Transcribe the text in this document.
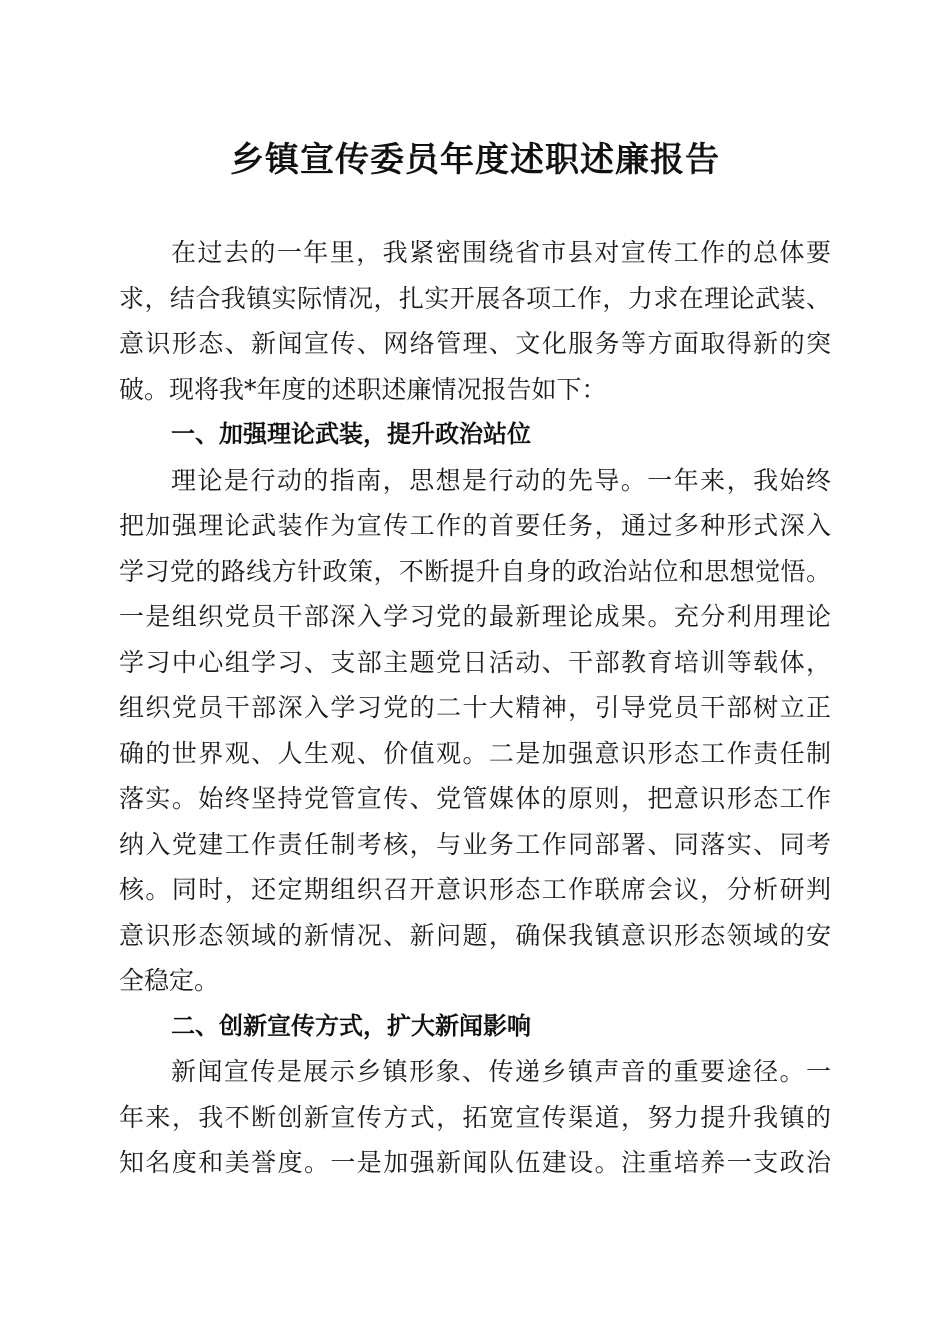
乡镇宣传委员年度述职述廉报告
在过去的一年里，我紧密围绕省市县对宣传工作的总体要
求，结合我镇实际情况，扎实开展各项工作，力求在理论武装、
意识形态、新闻宣传、网络管理、文化服务等方面取得新的突
破。现将我*年度的述职述廉情况报告如下：
一、加强理论武装，提升政治站位
理论是行动的指南，思想是行动的先导。一年来，我始终
把加强理论武装作为宣传工作的首要任务，通过多种形式深入
学习党的路线方针政策，不断提升自身的政治站位和思想觉悟。
一是组织党员干部深入学习党的最新理论成果。充分利用理论
学习中心组学习、支部主题党日活动、干部教育培训等载体，
组织党员干部深入学习党的二十大精神，引导党员干部树立正
确的世界观、人生观、价值观。二是加强意识形态工作责任制
落实。始终坚持党管宣传、党管媒体的原则，把意识形态工作
纳入党建工作责任制考核，与业务工作同部署、同落实、同考
核。同时，还定期组织召开意识形态工作联席会议，分析研判
意识形态领域的新情况、新问题，确保我镇意识形态领域的安
全稳定。
二、创新宣传方式，扩大新闻影响
新闻宣传是展示乡镇形象、传递乡镇声音的重要途径。一
年来，我不断创新宣传方式，拓宽宣传渠道，努力提升我镇的
知名度和美誉度。一是加强新闻队伍建设。注重培养一支政治
